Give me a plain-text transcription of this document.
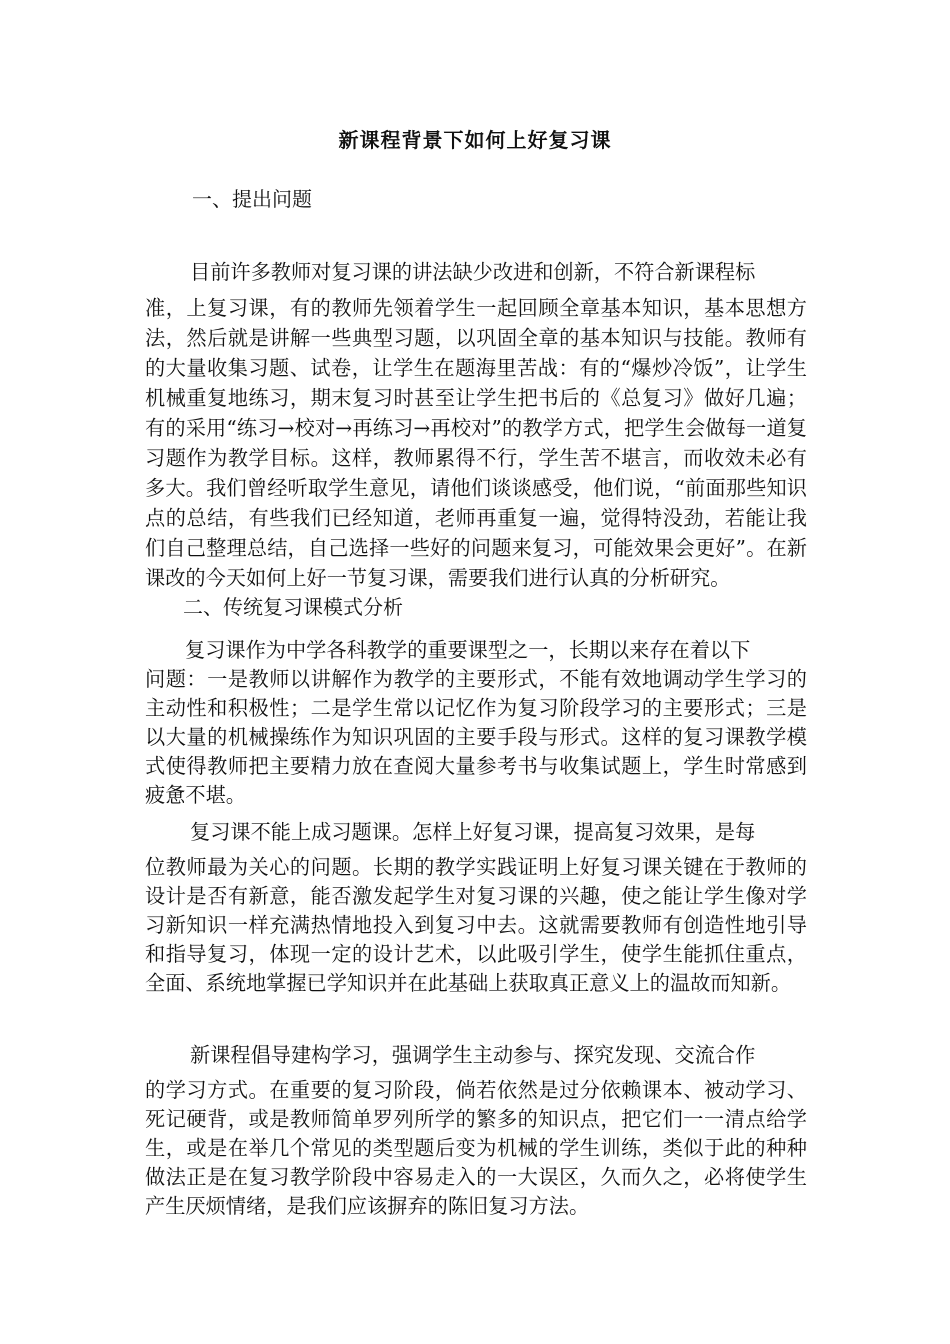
新课程背景下如何上好复习课
一、提出问题

目前许多教师对复习课的讲法缺少改进和创新，不符合新课程标
准，上复习课，有的教师先领着学生一起回顾全章基本知识，基本思想方法，然后就是讲解一些典型习题，以巩固全章的基本知识与技能。教师有的大量收集习题、试卷，让学生在题海里苦战：有的“爆炒冷饭”，让学生机械重复地练习，期末复习时甚至让学生把书后的《总复习》做好几遍；有的采用“练习→校对→再练习→再校对”的教学方式，把学生会做每一道复习题作为教学目标。这样，教师累得不行，学生苦不堪言，而收效未必有多大。我们曾经听取学生意见，请他们谈谈感受，他们说，“前面那些知识点的总结，有些我们已经知道，老师再重复一遍，觉得特没劲，若能让我们自己整理总结，自己选择一些好的问题来复习，可能效果会更好”。在新课改的今天如何上好一节复习课，需要我们进行认真的分析研究。

二、传统复习课模式分析

复习课作为中学各科教学的重要课型之一，长期以来存在着以下
问题：一是教师以讲解作为教学的主要形式，不能有效地调动学生学习的主动性和积极性；二是学生常以记忆作为复习阶段学习的主要形式；三是以大量的机械操练作为知识巩固的主要手段与形式。这样的复习课教学模式使得教师把主要精力放在查阅大量参考书与收集试题上，学生时常感到疲惫不堪。

复习课不能上成习题课。怎样上好复习课，提高复习效果，是每
位教师最为关心的问题。长期的教学实践证明上好复习课关键在于教师的设计是否有新意，能否激发起学生对复习课的兴趣，使之能让学生像对学习新知识一样充满热情地投入到复习中去。这就需要教师有创造性地引导和指导复习，体现一定的设计艺术，以此吸引学生，使学生能抓住重点，全面、系统地掌握已学知识并在此基础上获取真正意义上的温故而知新。

新课程倡导建构学习，强调学生主动参与、探究发现、交流合作
的学习方式。在重要的复习阶段，倘若依然是过分依赖课本、被动学习、死记硬背，或是教师简单罗列所学的繁多的知识点，把它们一一清点给学生，或是在举几个常见的类型题后变为机械的学生训练，类似于此的种种做法正是在复习教学阶段中容易走入的一大误区，久而久之，必将使学生产生厌烦情绪，是我们应该摒弃的陈旧复习方法。
